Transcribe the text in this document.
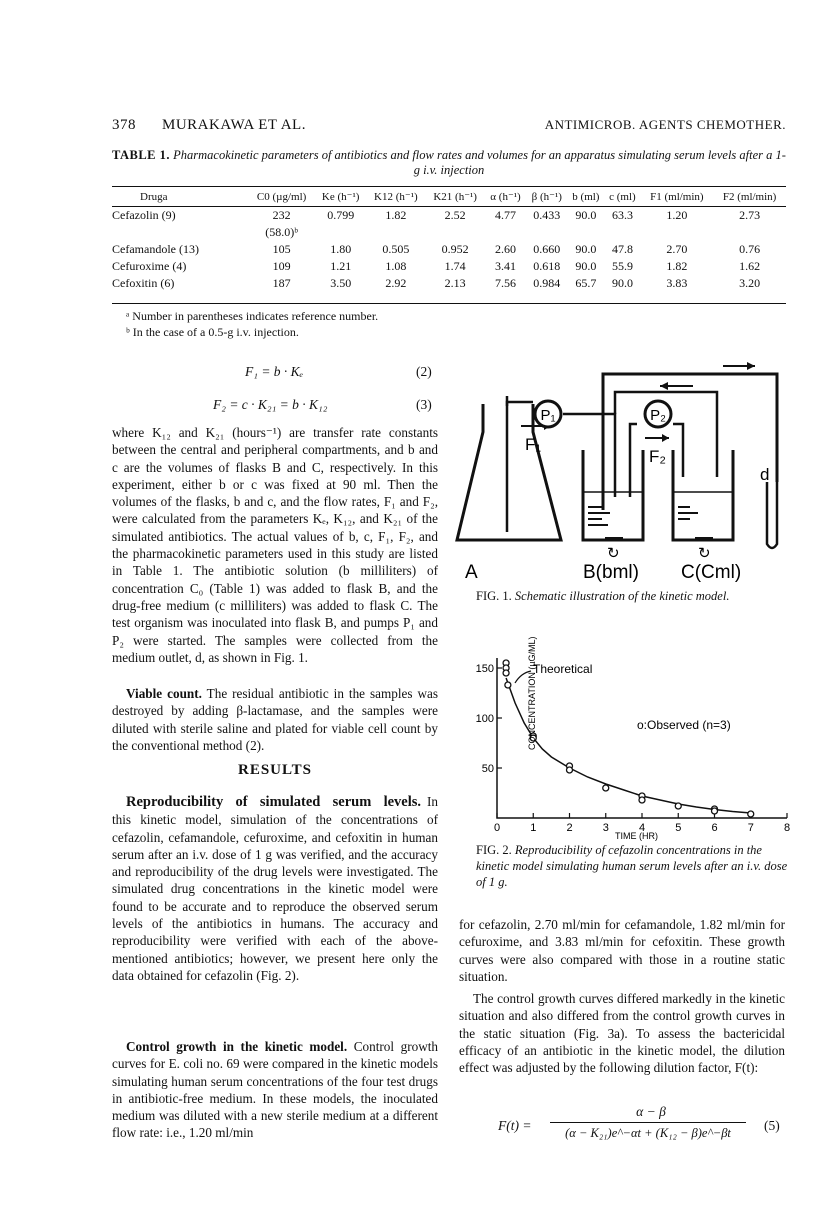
378 MURAKAWA ET AL.	ANTIMICROB. AGENTS CHEMOTHER.
TABLE 1. Pharmacokinetic parameters of antibiotics and flow rates and volumes for an apparatus simulating serum levels after a 1-g i.v. injection
Druga	C0 (µg/ml)	Ke (h⁻¹)	K12 (h⁻¹)	K21 (h⁻¹)	α (h⁻¹)	β (h⁻¹)	b (ml)	c (ml)	F1 (ml/min)	F2 (ml/min)
Cefazolin (9)	232	0.799	1.82	2.52	4.77	0.433	90.0	63.3	1.20	2.73
	(58.0)ᵇ									
Cefamandole (13)	105	1.80	0.505	0.952	2.60	0.660	90.0	47.8	2.70	0.76
Cefuroxime (4)	109	1.21	1.08	1.74	3.41	0.618	90.0	55.9	1.82	1.62
Cefoxitin (6)	187	3.50	2.92	2.13	7.56	0.984	65.7	90.0	3.83	3.20
ᵃ Number in parentheses indicates reference number.
ᵇ In the case of a 0.5-g i.v. injection.
F₁ = b · Kₑ	(2)
F₂ = c · K₂₁ = b · K₁₂	(3)
where K₁₂ and K₂₁ (hours⁻¹) are transfer rate constants between the central and peripheral compartments, and b and c are the volumes of flasks B and C, respectively. In this experiment, either b or c was fixed at 90 ml. Then the volumes of the flasks, b and c, and the flow rates, F₁ and F₂, were calculated from the parameters Kₑ, K₁₂, and K₂₁ of the simulated antibiotics. The actual values of b, c, F₁, F₂, and the pharmacokinetic parameters used in this study are listed in Table 1. The antibiotic solution (b milliliters) of concentration C₀ (Table 1) was added to flask B, and the drug-free medium (c milliliters) was added to flask C. The test organism was inoculated into flask B, and pumps P₁ and P₂ were started. The samples were collected from the medium outlet, d, as shown in Fig. 1.
Viable count. The residual antibiotic in the samples was destroyed by adding β-lactamase, and the samples were diluted with sterile saline and plated for viable cell count by the conventional method (2).
RESULTS
Reproducibility of simulated serum levels. In this kinetic model, simulation of the concentrations of cefazolin, cefamandole, cefuroxime, and cefoxitin in human serum after an i.v. dose of 1 g was verified, and the accuracy and reproducibility of the drug levels were investigated. The simulated drug concentrations in the kinetic model were found to be accurate and to reproduce the observed serum levels of the antibiotics in humans. The accuracy and reproducibility were verified with each of the above-mentioned antibiotics; however, we present here only the data obtained for cefazolin (Fig. 2).
Control growth in the kinetic model. Control growth curves for E. coli no. 69 were compared in the kinetic models simulating human serum concentrations of the four test drugs in antibiotic-free medium. In these models, the inoculated medium was diluted with a new sterile medium at a different flow rate: i.e., 1.20 ml/min
P₁	P₂
F₁
F₂
d
↻	↻
A	B(bml) C(Cml)
FIG. 1. Schematic illustration of the kinetic model.
0	1	2	3	4	5	6	7	8
50
100
150	CONCENTRATION (µG/ML)
TIME (HR)
Theoretical
o:Observed (n=3)
FIG. 2. Reproducibility of cefazolin concentrations in the kinetic model simulating human serum levels after an i.v. dose of 1 g.
for cefazolin, 2.70 ml/min for cefamandole, 1.82 ml/min for cefuroxime, and 3.83 ml/min for cefoxitin. These growth curves were also compared with those in a routine static situation.
The control growth curves differed markedly in the kinetic situation and also differed from the control growth curves in the static situation (Fig. 3a). To assess the bactericidal efficacy of an antibiotic in the kinetic model, the dilution effect was adjusted by the following dilution factor, F(t):
F(t) =
α − β
(α − K₂₁)e^−αt + (K₁₂ − β)e^−βt	(5)
